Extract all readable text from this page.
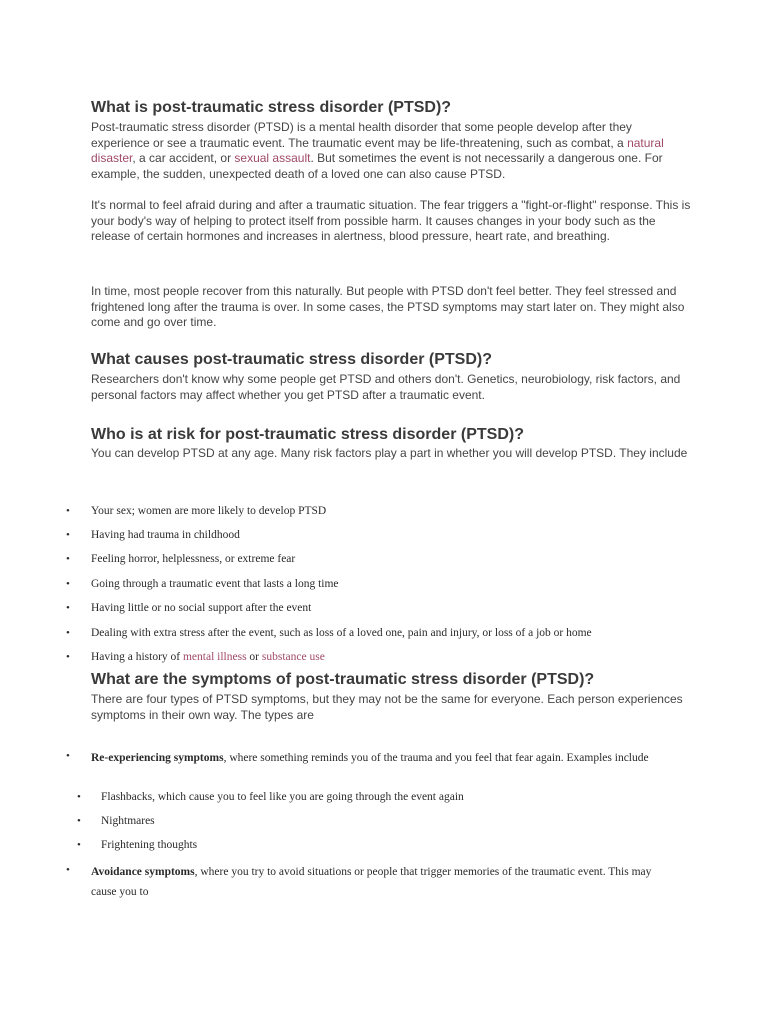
What is post-traumatic stress disorder (PTSD)?

Post-traumatic stress disorder (PTSD) is a mental health disorder that some people develop after they experience or see a traumatic event. The traumatic event may be life-threatening, such as combat, a natural disaster, a car accident, or sexual assault. But sometimes the event is not necessarily a dangerous one. For example, the sudden, unexpected death of a loved one can also cause PTSD.

It's normal to feel afraid during and after a traumatic situation. The fear triggers a "fight-or-flight" response. This is your body's way of helping to protect itself from possible harm. It causes changes in your body such as the release of certain hormones and increases in alertness, blood pressure, heart rate, and breathing.

In time, most people recover from this naturally. But people with PTSD don't feel better. They feel stressed and frightened long after the trauma is over. In some cases, the PTSD symptoms may start later on. They might also come and go over time.

What causes post-traumatic stress disorder (PTSD)?

Researchers don't know why some people get PTSD and others don't. Genetics, neurobiology, risk factors, and personal factors may affect whether you get PTSD after a traumatic event.

Who is at risk for post-traumatic stress disorder (PTSD)?

You can develop PTSD at any age. Many risk factors play a part in whether you will develop PTSD. They include

• Your sex; women are more likely to develop PTSD
• Having had trauma in childhood
• Feeling horror, helplessness, or extreme fear
• Going through a traumatic event that lasts a long time
• Having little or no social support after the event
• Dealing with extra stress after the event, such as loss of a loved one, pain and injury, or loss of a job or home
• Having a history of mental illness or substance use
What are the symptoms of post-traumatic stress disorder (PTSD)?

There are four types of PTSD symptoms, but they may not be the same for everyone. Each person experiences symptoms in their own way. The types are

• Re-experiencing symptoms, where something reminds you of the trauma and you feel that fear again. Examples include
• Flashbacks, which cause you to feel like you are going through the event again
• Nightmares
• Frightening thoughts
• Avoidance symptoms, where you try to avoid situations or people that trigger memories of the traumatic event. This may cause you to
